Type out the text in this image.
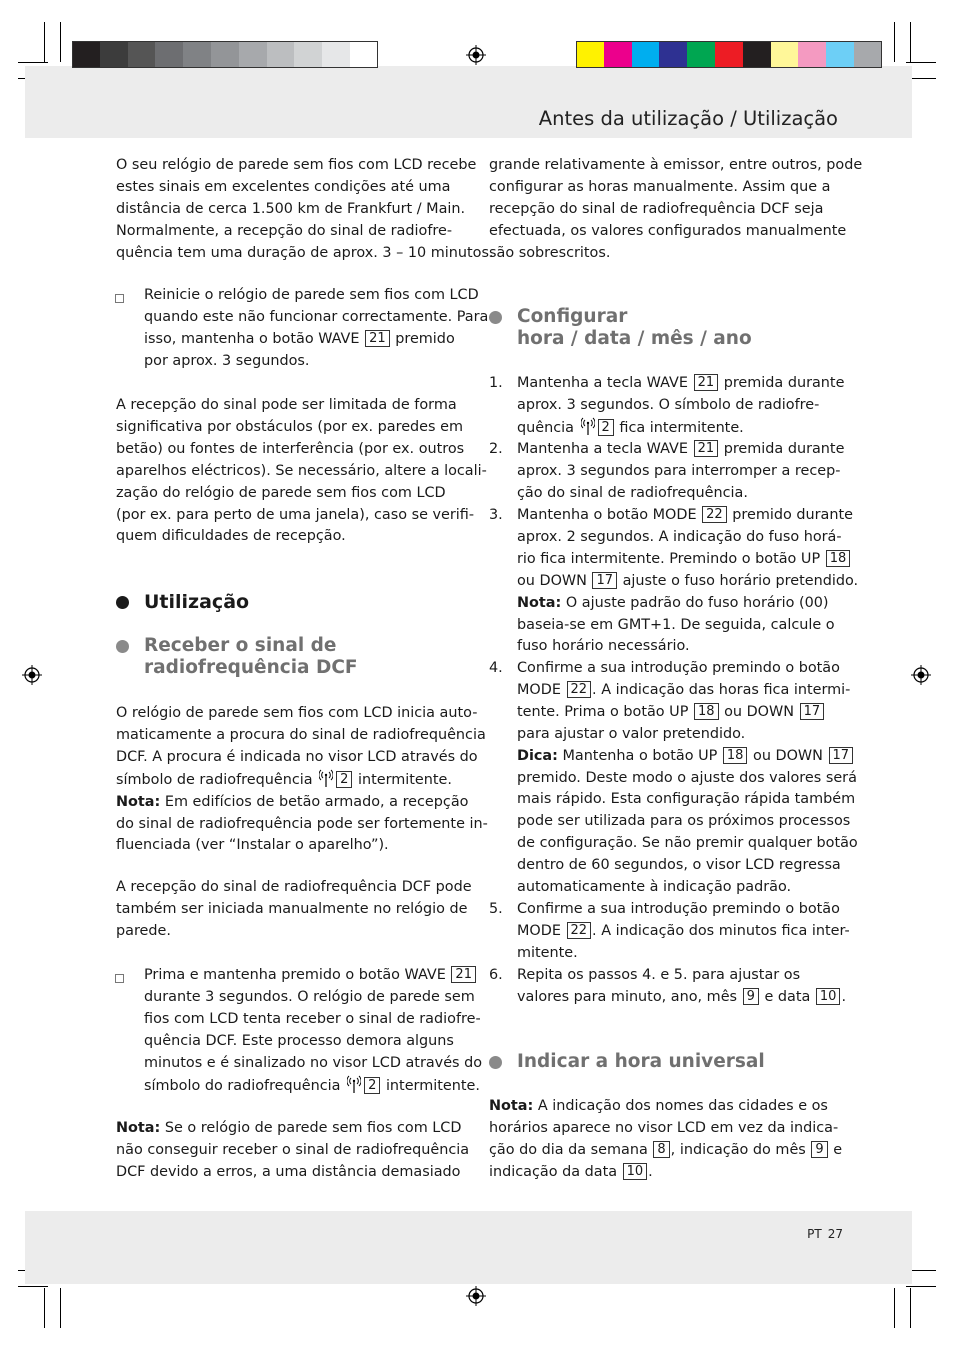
Antes da utilização / Utilização
PT 27
O seu relógio de parede sem fios com LCD recebe
estes sinais em excelentes condições até uma
distância de cerca 1.500 km de Frankfurt / Main.
Normalmente, a recepção do sinal de radiofre-
quência tem uma duração de aprox. 3 – 10 minutos.
Reinicie o relógio de parede sem fios com LCD
quando este não funcionar correctamente. Para
isso, mantenha o botão WAVE 21 premido
por aprox. 3 segundos.
A recepção do sinal pode ser limitada de forma
significativa por obstáculos (por ex. paredes em
betão) ou fontes de interferência (por ex. outros
aparelhos eléctricos). Se necessário, altere a locali-
zação do relógio de parede sem fios com LCD
(por ex. para perto de uma janela), caso se verifi-
quem dificuldades de recepção.
Utilização
Receber o sinal de
radiofrequência DCF
O relógio de parede sem fios com LCD inicia auto-
maticamente a procura do sinal de radiofrequência
DCF. A procura é indicada no visor LCD através do
símbolo de radiofrequência 2 intermitente.
Nota: Em edifícios de betão armado, a recepção
do sinal de radiofrequência pode ser fortemente in-
fluenciada (ver “Instalar o aparelho”).
A recepção do sinal de radiofrequência DCF pode
também ser iniciada manualmente no relógio de
parede.
Prima e mantenha premido o botão WAVE 21
durante 3 segundos. O relógio de parede sem
fios com LCD tenta receber o sinal de radiofre-
quência DCF. Este processo demora alguns
minutos e é sinalizado no visor LCD através do
símbolo do radiofrequência 2 intermitente.
Nota: Se o relógio de parede sem fios com LCD
não conseguir receber o sinal de radiofrequência
DCF devido a erros, a uma distância demasiado
grande relativamente à emissor, entre outros, pode
configurar as horas manualmente. Assim que a
recepção do sinal de radiofrequência DCF seja
efectuada, os valores configurados manualmente
são sobrescritos.
Configurar
hora / data / mês / ano
1. Mantenha a tecla WAVE 21 premida durante
aprox. 3 segundos. O símbolo de radiofre-
quência 2 fica intermitente.
2. Mantenha a tecla WAVE 21 premida durante
aprox. 3 segundos para interromper a recep-
ção do sinal de radiofrequência.
3. Mantenha o botão MODE 22 premido durante
aprox. 2 segundos. A indicação do fuso horá-
rio fica intermitente. Premindo o botão UP 18
ou DOWN 17 ajuste o fuso horário pretendido.
Nota: O ajuste padrão do fuso horário (00)
baseia-se em GMT+1. De seguida, calcule o
fuso horário necessário.
4. Confirme a sua introdução premindo o botão
MODE 22 . A indicação das horas fica intermi-
tente. Prima o botão UP 18 ou DOWN 17
para ajustar o valor pretendido.
Dica: Mantenha o botão UP 18 ou DOWN 17
premido. Deste modo o ajuste dos valores será
mais rápido. Esta configuração rápida também
pode ser utilizada para os próximos processos
de configuração. Se não premir qualquer botão
dentro de 60 segundos, o visor LCD regressa
automaticamente à indicação padrão.
5. Confirme a sua introdução premindo o botão
MODE 22 . A indicação dos minutos fica inter-
mitente.
6. Repita os passos 4. e 5. para ajustar os
valores para minuto, ano, mês 9 e data 10 .
Indicar a hora universal
Nota: A indicação dos nomes das cidades e os
horários aparece no visor LCD em vez da indica-
ção do dia da semana 8 , indicação do mês 9 e
indicação da data 10 .
